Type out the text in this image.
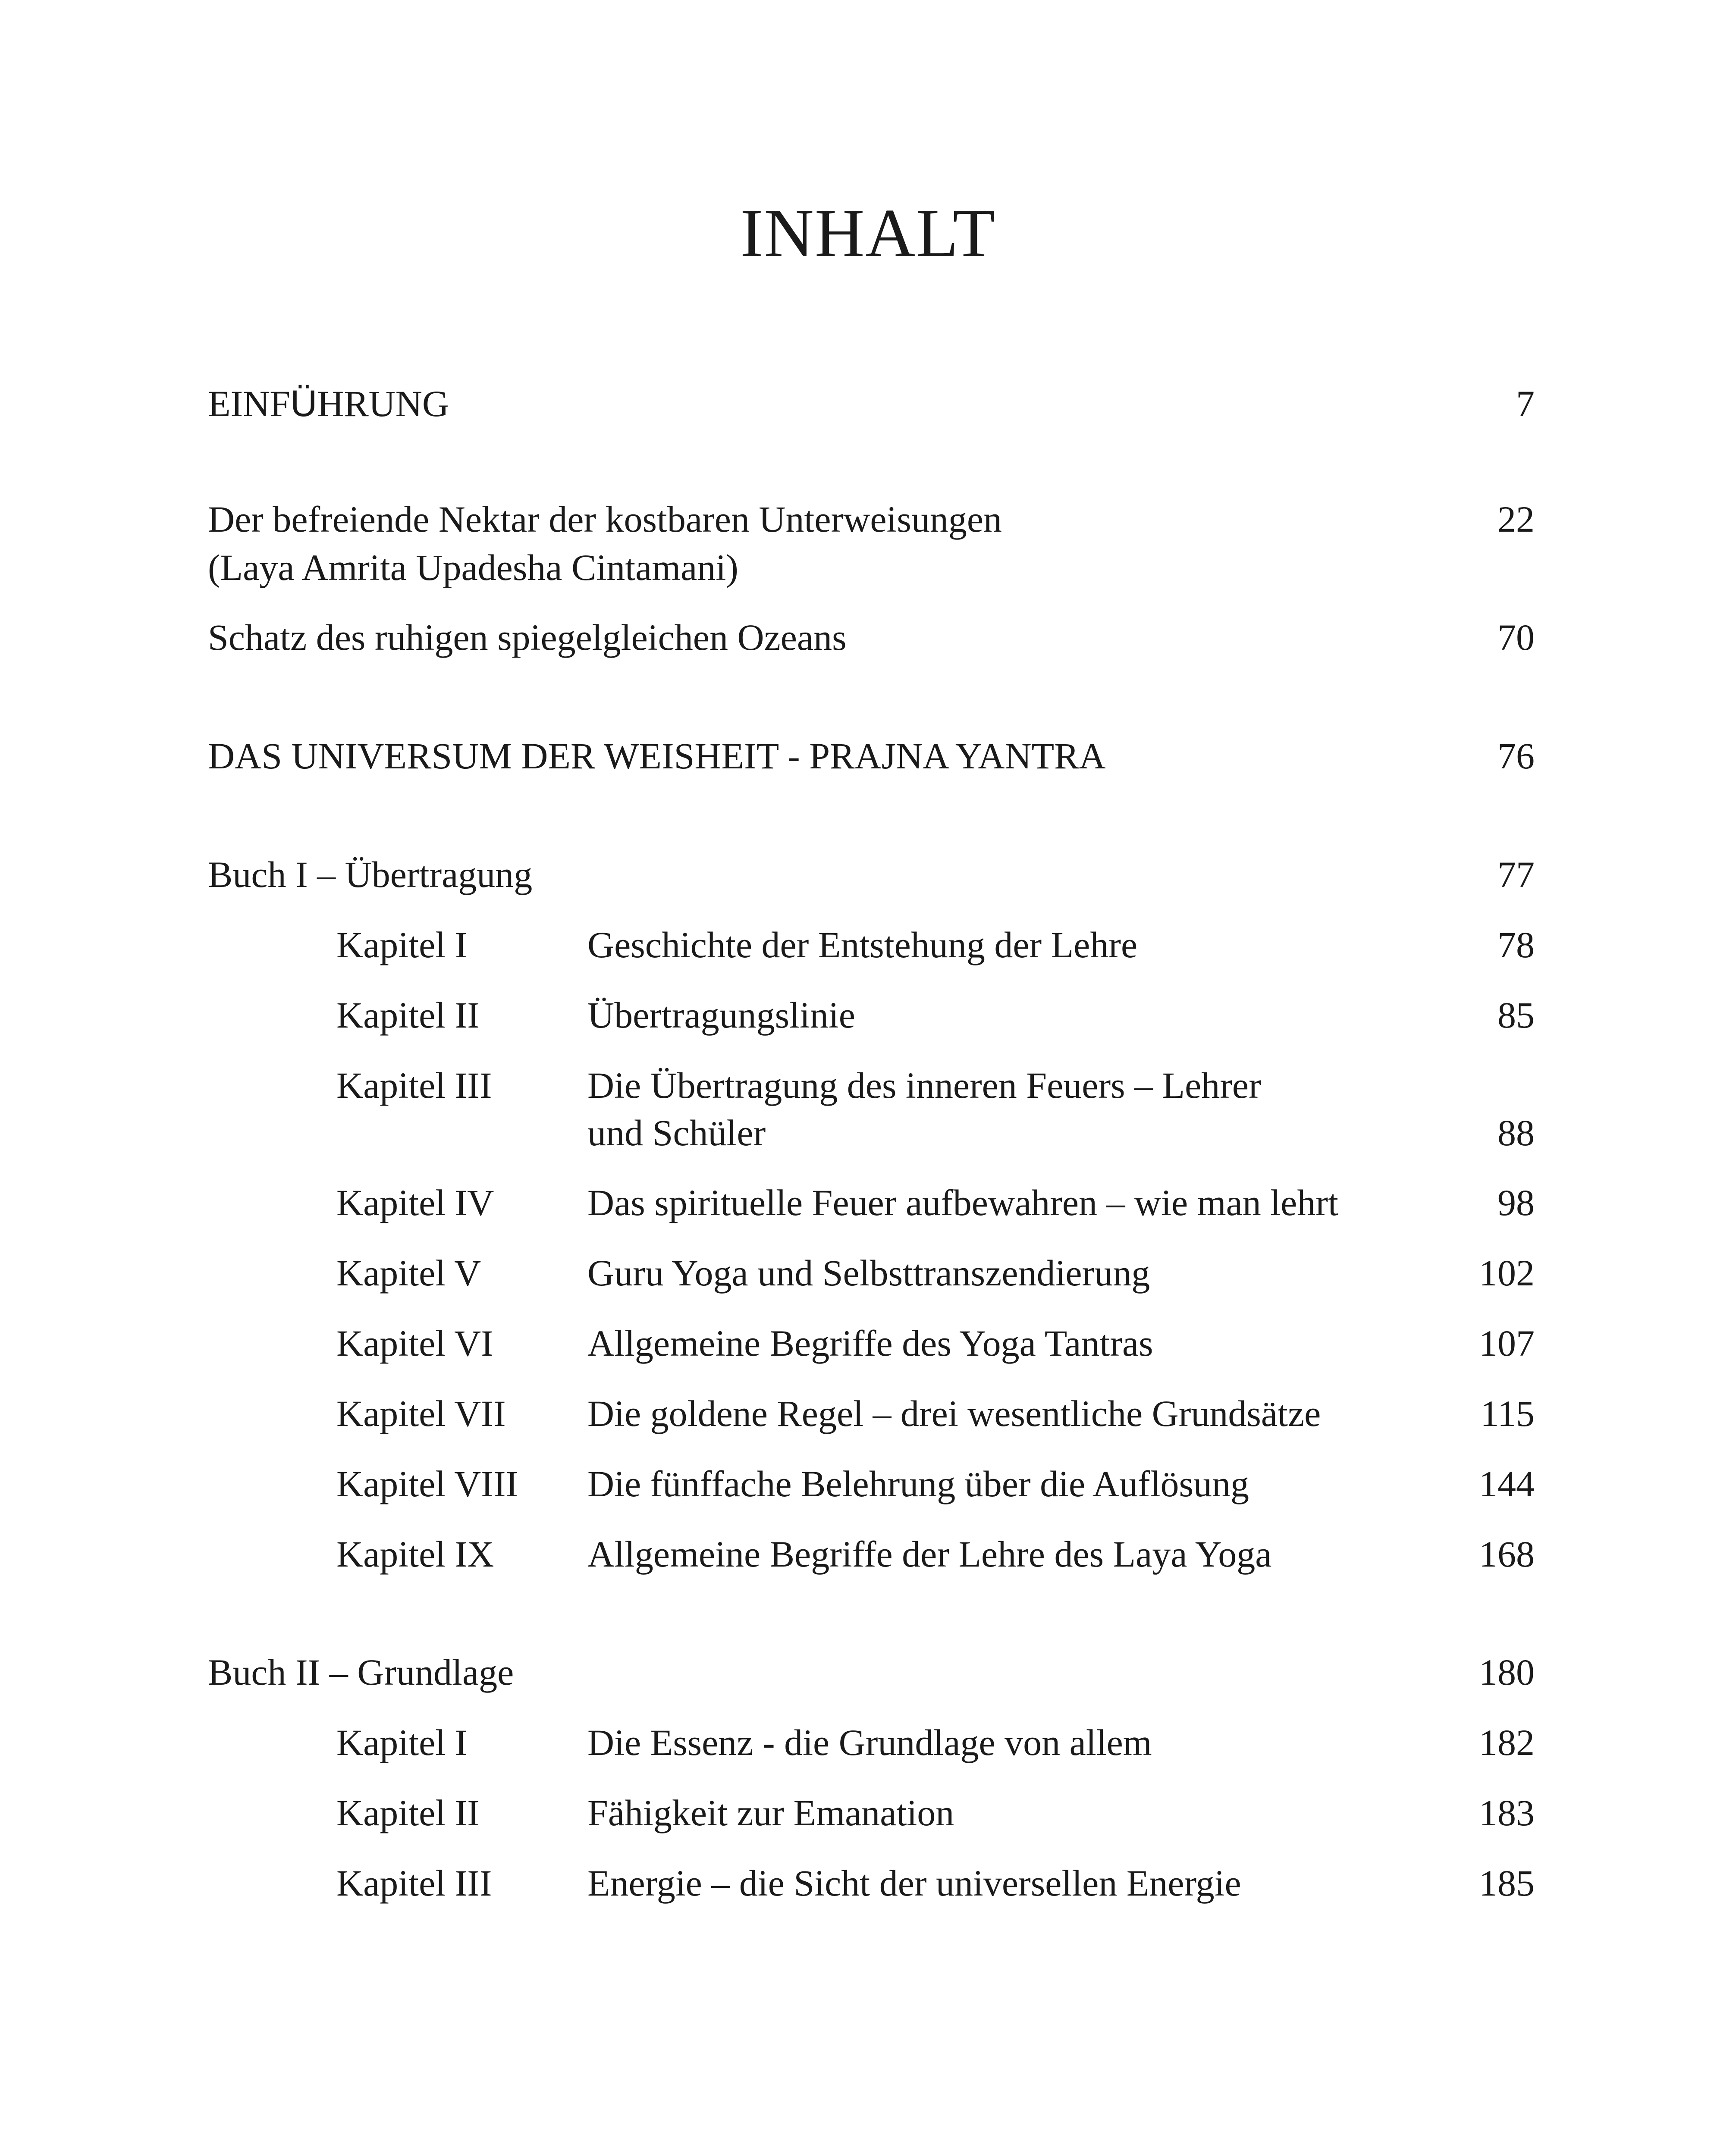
INHALT
EINFÜHRUNG	7
Der befreiende Nektar der kostbaren Unterweisungen
(Laya Amrita Upadesha Cintamani)
22
Schatz des ruhigen spiegelgleichen Ozeans	70
DAS UNIVERSUM DER WEISHEIT - PRAJNA YANTRA	76
Buch I – Übertragung	77
Kapitel I	Geschichte der Entstehung der Lehre	78
Kapitel II	Übertragungslinie	85
Kapitel III	Die Übertragung des inneren Feuers – Lehrer
und Schüler	88
Kapitel IV	Das spirituelle Feuer aufbewahren – wie man lehrt	98
Kapitel V	Guru Yoga und Selbsttranszendierung	102
Kapitel VI	Allgemeine Begriffe des Yoga Tantras	107
Kapitel VII Die goldene Regel – drei wesentliche Grundsätze	115
Kapitel VIII Die fünffache Belehrung über die Auflösung	144
Kapitel IX	Allgemeine Begriffe der Lehre des Laya Yoga	168
Buch II – Grundlage	180
Kapitel I	Die Essenz - die Grundlage von allem	182
Kapitel II	Fähigkeit zur Emanation	183
Kapitel III	Energie – die Sicht der universellen Energie	185
